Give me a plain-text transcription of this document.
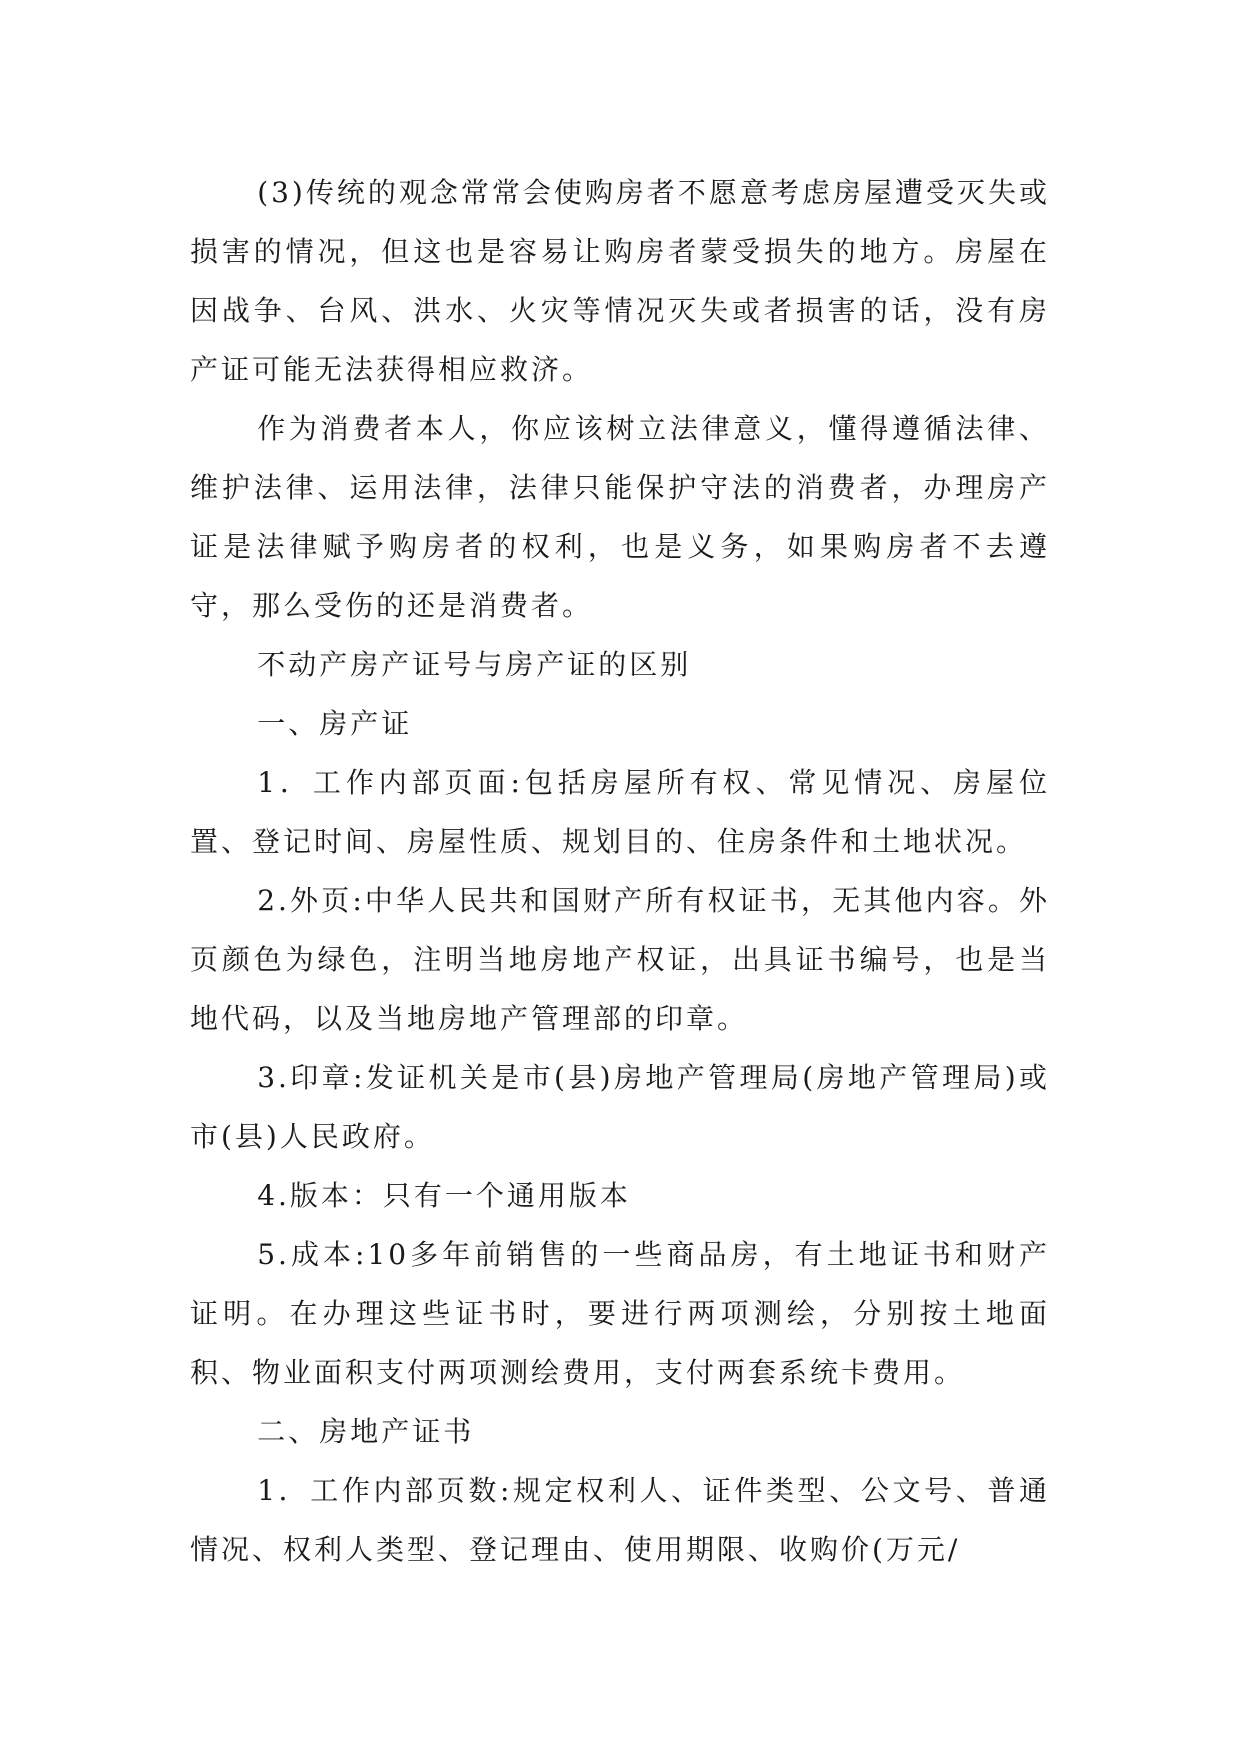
(3)传统的观念常常会使购房者不愿意考虑房屋遭受灭失或损害的情况，但这也是容易让购房者蒙受损失的地方。房屋在因战争、台风、洪水、火灾等情况灭失或者损害的话，没有房产证可能无法获得相应救济。

作为消费者本人，你应该树立法律意义，懂得遵循法律、维护法律、运用法律，法律只能保护守法的消费者，办理房产证是法律赋予购房者的权利，也是义务，如果购房者不去遵守，那么受伤的还是消费者。

不动产房产证号与房产证的区别

一、房产证

1．工作内部页面:包括房屋所有权、常见情况、房屋位置、登记时间、房屋性质、规划目的、住房条件和土地状况。

2.外页:中华人民共和国财产所有权证书，无其他内容。外页颜色为绿色，注明当地房地产权证，出具证书编号，也是当地代码，以及当地房地产管理部的印章。

3.印章:发证机关是市(县)房地产管理局(房地产管理局)或市(县)人民政府。

4.版本：只有一个通用版本

5.成本:10多年前销售的一些商品房，有土地证书和财产证明。在办理这些证书时，要进行两项测绘，分别按土地面积、物业面积支付两项测绘费用，支付两套系统卡费用。

二、房地产证书

1．工作内部页数:规定权利人、证件类型、公文号、普通情况、权利人类型、登记理由、使用期限、收购价(万元/
